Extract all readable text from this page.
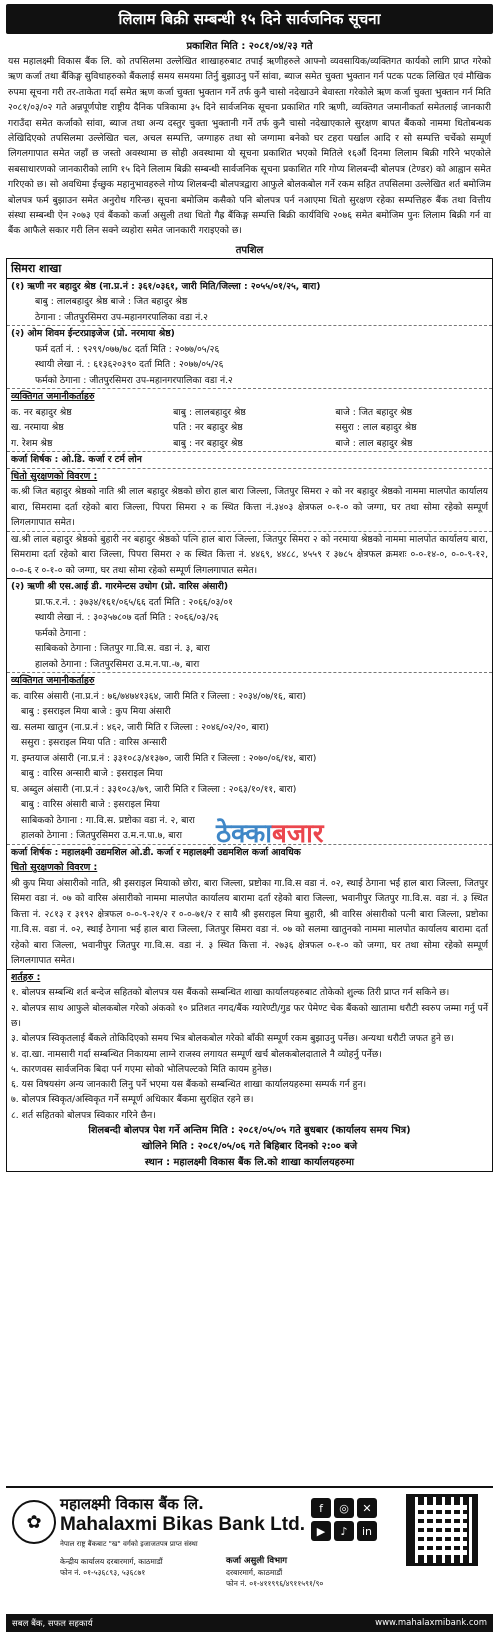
लिलाम बिक्री सम्बन्धी १५ दिने सार्वजनिक सूचना
प्रकाशित मिति : २०८१/०४/२३ गते
यस महालक्ष्मी विकास बैंक लि. को तपसिलमा उल्लेखित शाखाहरुबाट तपाई ऋणीहरुले आफ्नो व्यवसायिक/व्यक्तिगत कार्यको लागि प्राप्त गरेको ऋण कर्जा तथा बैंकिङ्ग सुविधाहरुको बैंकलाई समय समयमा तिर्नु बुझाउनु पर्ने सांवा, ब्याज समेत चुक्ता भुक्तान गर्न पटक पटक लिखित एवं मौखिक रुपमा सूचना गरी तर-ताकेता गर्दा समेत ऋण कर्जा चुक्ता भुक्तान गर्ने तर्फ कुनै चासो नदेखाउने बेवास्ता गरेकोले ऋण कर्जा चुक्ता भुक्तान गर्न मिति २०८१/०३/०२ गते अन्नपूर्णपोष्ट राष्ट्रीय दैनिक पत्रिकामा ३५ दिने सार्वजनिक सूचना प्रकाशित गरि ऋणी, व्यक्तिगत जमानीकर्ता समेतलाई जानकारी गराउँदा समेत कर्जाको सांवा, ब्याज तथा अन्य दस्तुर चुक्ता भुक्तानी गर्ने तर्फ कुनै चासो नदेखाएकाले सुरक्षण बापत बैंकको नाममा धितोबन्धक लेखिदिएको तपसिलमा उल्लेखित चल, अचल सम्पत्ति, जग्गाहरु तथा सो जग्गामा बनेको घर टहरा पर्खाल आदि र सो सम्पत्ति चर्चेको सम्पूर्ण लिगलगापात समेत जहाँ छ जस्तो अवस्थामा छ सोही अवस्थामा यो सूचना प्रकाशित भएको मितिले १६औं दिनमा लिलाम बिक्री गरिने भएकोले सबसाधारणको जानकारीको लागि १५ दिने लिलाम बिक्री सम्बन्धी सार्वजनिक सूचना प्रकाशित गरि गोप्य शिलबन्दी बोलपत्र (टेण्डर) को आह्वान समेत गरिएको छ। सो अवधिमा ईच्छुक महानुभावहरुले गोप्य शिलबन्दी बोलपत्रद्वारा आफुले बोलकबोल गर्ने रकम सहित तपसिलमा उल्लेखित शर्त बमोजिम बोलपत्र फर्म बुझाउन समेत अनुरोध गरिन्छ। सूचना बमोजिम कसैको पनि बोलपत्र पर्न नआएमा धितो सुरक्षण रहेका सम्पत्तिहरु बैंक तथा वित्तीय संस्था सम्बन्धी ऐन २०७३ एवं बैंकको कर्जा असुली तथा धितो गैह्र बैंकिङ्ग सम्पत्ति बिक्री कार्यविधि २०७६ समेत बमोजिम पुनः लिलाम बिक्री गर्न वा बैंक आफैले सकार गरी लिन सक्ने व्यहोरा समेत जानकारी गराइएको छ।
तपशिल
सिमरा शाखा
(१) ऋणी नर बहादुर श्रेष्ठ (ना.प्र.नं : ३६१/०३६१, जारी मिति/जिल्ला : २०५५/०१/२५, बारा)
बाबु : लालबहादुर श्रेष्ठ बाजे : जित बहादुर श्रेष्ठ
ठेगाना : जीतपुरसिमरा उप-महानगरपालिका वडा नं.२
(२) ओम शिवम ईन्टरप्राइजेज (प्रो. नरमाया श्रेष्ठ)
फर्म दर्ता नं. : ९२९९/०७७/७८ दर्ता मिति : २०७७/०५/२६
स्थायी लेखा नं. : ६१३६२०३९० दर्ता मिति : २०७७/०५/२६
फर्मको ठेगाना : जीतपुरसिमरा उप-महानगरपालिका वडा नं.२
व्यक्तिगत जमानीकर्ताहरु
क. नर बहादुर श्रेष्ठ	बाबु : लालबहादुर श्रेष्ठ	बाजे : जित बहादुर श्रेष्ठ
ख. नरमाया श्रेष्ठ	पति : नर बहादुर श्रेष्ठ	ससुरा : लाल बहादुर श्रेष्ठ
ग. रेशम श्रेष्ठ	बाबु : नर बहादुर श्रेष्ठ	बाजे : लाल बहादुर श्रेष्ठ
कर्जा शिर्षक : ओ.डि. कर्जा र टर्म लोन
धितो सुरक्षणको विवरण :
क.श्री जित बहादुर श्रेष्ठको नाति श्री लाल बहादुर श्रेष्ठको छोरा हाल बारा जिल्ला, जितपुर सिमरा २ को नर बहादुर श्रेष्ठको नाममा मालपोत कार्यालय बारा, सिमरामा दर्ता रहेको बारा जिल्ला, पिपरा सिमरा २ क स्थित कित्ता नं.३४०३ क्षेत्रफल ०-१-० को जग्गा, घर तथा सोमा रहेको सम्पूर्ण लिगलगापात समेत।
ख.श्री लाल बहादुर श्रेष्ठको बुहारी नर बहादुर श्रेष्ठको पत्नि हाल बारा जिल्ला, जितपुर सिमरा २ को नरमाया श्रेष्ठको नाममा मालपोत कार्यालय बारा, सिमरामा दर्ता रहेको बारा जिल्ला, पिपरा सिमरा २ क स्थित कित्ता नं. ४४६९, ४४८८, ४५५९ र ३७८५ क्षेत्रफल क्रमशः ०-०-१४-०, ०-०-९-१२, ०-०-६ र ०-१-० को जग्गा, घर तथा सोमा रहेको सम्पूर्ण लिगलगापात समेत।
(२) ऋणी श्री एस.आई डी. गारमेन्टस उधोग (प्रो. वारिस अंसारी)
प्रा.फ.र.नं. : ३७३४/१६१/०६५/६६ दर्ता मिति : २०६६/०३/०१
स्थायी लेखा नं. : ३०३५७८०७ दर्ता मिति : २०६६/०३/२६
फर्मको ठेगाना :
साबिकको ठेगाना : जितपुर गा.वि.स. वडा नं. ३, बारा
हालको ठेगाना : जितपुरसिमरा उ.म.न.पा.-७, बारा
व्यक्तिगत जमानीकर्ताहरु
क. वारिस अंसारी (ना.प्र.नं : ७६/७४७४१३६४, जारी मिति र जिल्ला : २०३४/०७/१६, बारा)
बाबु : इसराइल मिया बाजे : कुप मिया अंसारी
ख. सलमा खातुन (ना.प्र.नं : ४६२, जारी मिति र जिल्ला : २०४६/०२/२०, बारा)
ससुरा : इसराइल मिया पति : वारिस अन्सारी
ग. इम्तयाज अंसारी (ना.प्र.नं : ३३१०८३/४१३७०, जारी मिति र जिल्ला : २०७०/०६/१४, बारा)
बाबु : वारिस अन्सारी बाजे : इसराइल मिया
घ. अब्दुल अंसारी (ना.प्र.नं : ३३१०८३/७९, जारी मिति र जिल्ला : २०६३/१०/११, बारा)
बाबु : वारिस अंसारी बाजे : इसराइल मिया
साबिकको ठेगाना : गा.वि.स. प्रष्टोका वडा नं. २, बारा
हालको ठेगाना : जितपुरसिमरा उ.म.न.पा.७, बारा
कर्जा शिर्षक : महालक्ष्मी उद्यमशिल ओ.डी. कर्जा र महालक्ष्मी उद्यमशिल कर्जा आवधिक
धितो सुरक्षणको विवरण :
श्री कुप मिया अंसारीको नाति, श्री इसराइल मियाको छोरा, बारा जिल्ला, प्रष्टोका गा.वि.स वडा नं. ०२, स्थाई ठेगाना भई हाल बारा जिल्ला, जितपुर सिमरा वडा नं. ०७ को वारिस अंसारीको नाममा मालपोत कार्यालय बारामा दर्ता रहेको बारा जिल्ला, भवानीपुर जितपुर गा.वि.स. वडा नं. ३ स्थित कित्ता नं. २८१३ र ३१९२ क्षेत्रफल ०-०-९-२१/२ र ०-०-७१/२ र सायै श्री इसराइल मिया बुहारी, श्री वारिस अंसारीको पत्नी बारा जिल्ला, प्रष्टोका गा.वि.स. वडा नं. ०२, स्थाई ठेगाना भई हाल बारा जिल्ला, जितपुर सिमरा वडा नं. ०७ को सलमा खातुनको नाममा मालपोत कार्यालय बारामा दर्ता रहेको बारा जिल्ला, भवानीपुर जितपुर गा.वि.स. वडा नं. ३ स्थित कित्ता नं. २७३६ क्षेत्रफल ०-१-० को जग्गा, घर तथा सोमा रहेको सम्पूर्ण लिगलगापात समेत।
शर्तहरु :
१. बोलपत्र सम्बन्धि शर्त बन्देज सहितको बोलपत्र यस बैंकको सम्बन्धित शाखा कार्यालयहरुबाट तोकेको शुल्क तिरी प्राप्त गर्न सकिने छ।
२. बोलपत्र साथ आफुले बोलकबोल गरेको अंकको १० प्रतिशत नगद/बैंक ग्यारेण्टी/गुड फर पेमेण्ट चेक बैंकको खातामा धरौटी स्वरुप जम्मा गर्नु पर्ने छ।
३. बोलपत्र स्विकृतलाई बैंकले तोकिदिएको समय भित्र बोलकबोल गरेको बाँकी सम्पूर्ण रकम बुझाउनु पर्नेछ। अन्यथा धरौटी जफत हुने छ।
४. दा.खा. नामसारी गर्दा सम्बन्धित निकायमा लाग्ने राजस्व लगायत सम्पूर्ण खर्च बोलकबोलदाताले नै व्योहर्नु पर्नेछ।
५. कारणवस सार्वजनिक बिदा पर्न गएमा सोको भोलिपल्टको मिति कायम हुनेछ।
६. यस विषयसंग अन्य जानकारी लिनु पर्ने भएमा यस बैंकको सम्बन्धित शाखा कार्यालयहरुमा सम्पर्क गर्न हुन।
७. बोलपत्र स्विकृत/अस्विकृत गर्ने सम्पूर्ण अधिकार बैंकमा सुरक्षित रहने छ।
८. शर्त सहितको बोलपत्र स्विकार गरिने छैन।
शिलबन्दी बोलपत्र पेश गर्ने अन्तिम मिति : २०८१/०५/०५ गते बुधबार (कार्यालय समय भित्र)
खोलिने मिति : २०८१/०५/०६ गते बिहिबार दिनको २:०० बजे
स्थान : महालक्ष्मी विकास बैंक लि.को शाखा कार्यालयहरुमा
ठेक्काबजार
✿
महालक्ष्मी विकास बैंक लि.
Mahalaxmi Bikas Bank Ltd.
नेपाल राष्ट्र बैंकबाट "ख" वर्गको इजाजतपत्र प्राप्त संस्था
केन्द्रीय कार्यालय दरबारमार्ग, काठमाडौं
फोन नं. ०१-५३६८९३, ५३६८७१
कर्जा असुली विभाग
दरबारमार्ग, काठमाडौं
फोन नं. ०१-४११९९६/४९११५९१/९०
f	◎	✕
▶	♪	in
सबल बैंक, सफल सहकार्य	www.mahalaxmibank.com
